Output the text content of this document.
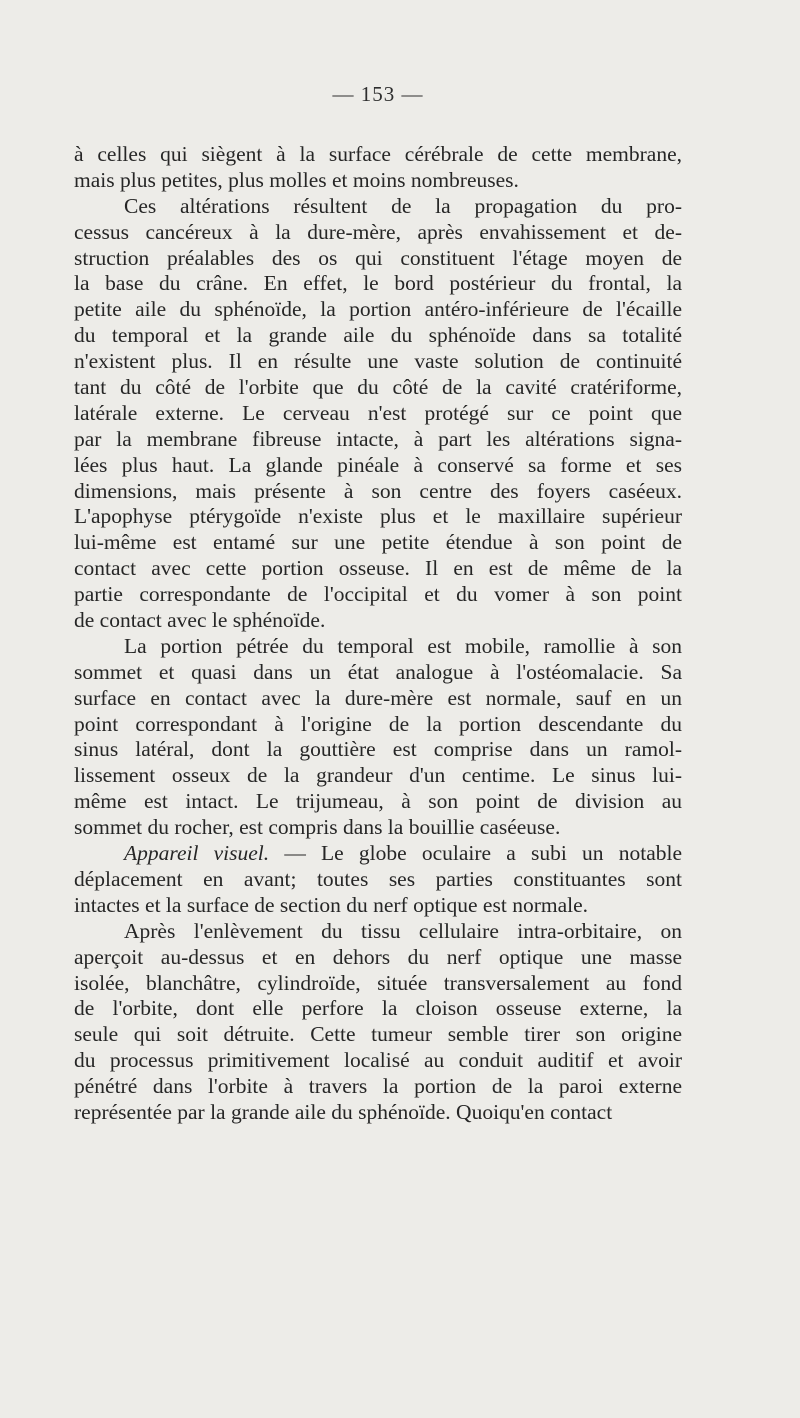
— 153 —
à celles qui siègent à la surface cérébrale de cette membrane,
mais plus petites, plus molles et moins nombreuses.
Ces altérations résultent de la propagation du pro-
cessus cancéreux à la dure-mère, après envahissement et de-
struction préalables des os qui constituent l'étage moyen de
la base du crâne. En effet, le bord postérieur du frontal, la
petite aile du sphénoïde, la portion antéro-inférieure de l'écaille
du temporal et la grande aile du sphénoïde dans sa totalité
n'existent plus. Il en résulte une vaste solution de continuité
tant du côté de l'orbite que du côté de la cavité cratériforme,
latérale externe. Le cerveau n'est protégé sur ce point que
par la membrane fibreuse intacte, à part les altérations signa-
lées plus haut. La glande pinéale à conservé sa forme et ses
dimensions, mais présente à son centre des foyers caséeux.
L'apophyse ptérygoïde n'existe plus et le maxillaire supérieur
lui-même est entamé sur une petite étendue à son point de
contact avec cette portion osseuse. Il en est de même de la
partie correspondante de l'occipital et du vomer à son point
de contact avec le sphénoïde.
La portion pétrée du temporal est mobile, ramollie à son
sommet et quasi dans un état analogue à l'ostéomalacie. Sa
surface en contact avec la dure-mère est normale, sauf en un
point correspondant à l'origine de la portion descendante du
sinus latéral, dont la gouttière est comprise dans un ramol-
lissement osseux de la grandeur d'un centime. Le sinus lui-
même est intact. Le trijumeau, à son point de division au
sommet du rocher, est compris dans la bouillie caséeuse.
Appareil visuel. — Le globe oculaire a subi un notable
déplacement en avant; toutes ses parties constituantes sont
intactes et la surface de section du nerf optique est normale.
Après l'enlèvement du tissu cellulaire intra-orbitaire, on
aperçoit au-dessus et en dehors du nerf optique une masse
isolée, blanchâtre, cylindroïde, située transversalement au fond
de l'orbite, dont elle perfore la cloison osseuse externe, la
seule qui soit détruite. Cette tumeur semble tirer son origine
du processus primitivement localisé au conduit auditif et avoir
pénétré dans l'orbite à travers la portion de la paroi externe
représentée par la grande aile du sphénoïde. Quoiqu'en contact
